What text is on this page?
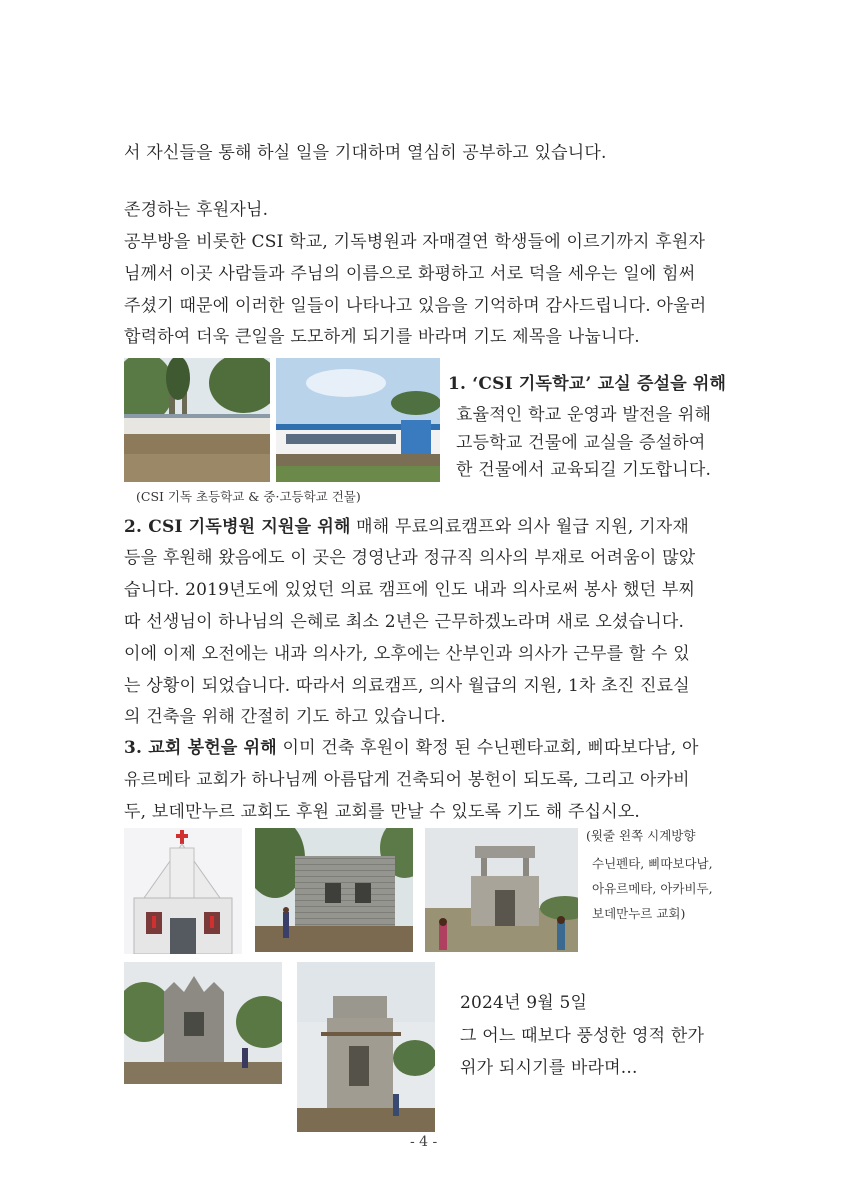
서 자신들을 통해 하실 일을 기대하며 열심히 공부하고 있습니다.
존경하는 후원자님.
공부방을 비롯한 CSI 학교, 기독병원과 자매결연 학생들에 이르기까지 후원자
님께서 이곳 사람들과 주님의 이름으로 화평하고 서로 덕을 세우는 일에 힘써
주셨기 때문에 이러한 일들이 나타나고 있음을 기억하며 감사드립니다. 아울러
합력하여 더욱 큰일을 도모하게 되기를 바라며 기도 제목을 나눕니다.
1. ‘CSI 기독학교’ 교실 증설을 위해
효율적인 학교 운영과 발전을 위해
고등학교 건물에 교실을 증설하여
한 건물에서 교육되길 기도합니다.
(CSI 기독 초등학교 & 중·고등학교 건물)
2. CSI 기독병원 지원을 위해 매해 무료의료캠프와 의사 월급 지원, 기자재
등을 후원해 왔음에도 이 곳은 경영난과 정규직 의사의 부재로 어려움이 많았
습니다. 2019년도에 있었던 의료 캠프에 인도 내과 의사로써 봉사 했던 부찌
따 선생님이 하나님의 은혜로 최소 2년은 근무하겠노라며 새로 오셨습니다.
이에 이제 오전에는 내과 의사가, 오후에는 산부인과 의사가 근무를 할 수 있
는 상황이 되었습니다. 따라서 의료캠프, 의사 월급의 지원, 1차 초진 진료실
의 건축을 위해 간절히 기도 하고 있습니다.
3. 교회 봉헌을 위해 이미 건축 후원이 확정 된 수닌펜타교회, 삐따보다남, 아
유르메타 교회가 하나님께 아름답게 건축되어 봉헌이 되도록, 그리고 아카비
두, 보데만누르 교회도 후원 교회를 만날 수 있도록 기도 해 주십시오.
(윗줄 왼쪽 시계방향
수닌펜타, 삐따보다남,
아유르메타, 아카비두,
보데만누르 교회)
2024년 9월 5일
그 어느 때보다 풍성한 영적 한가
위가 되시기를 바라며...
- 4 -
